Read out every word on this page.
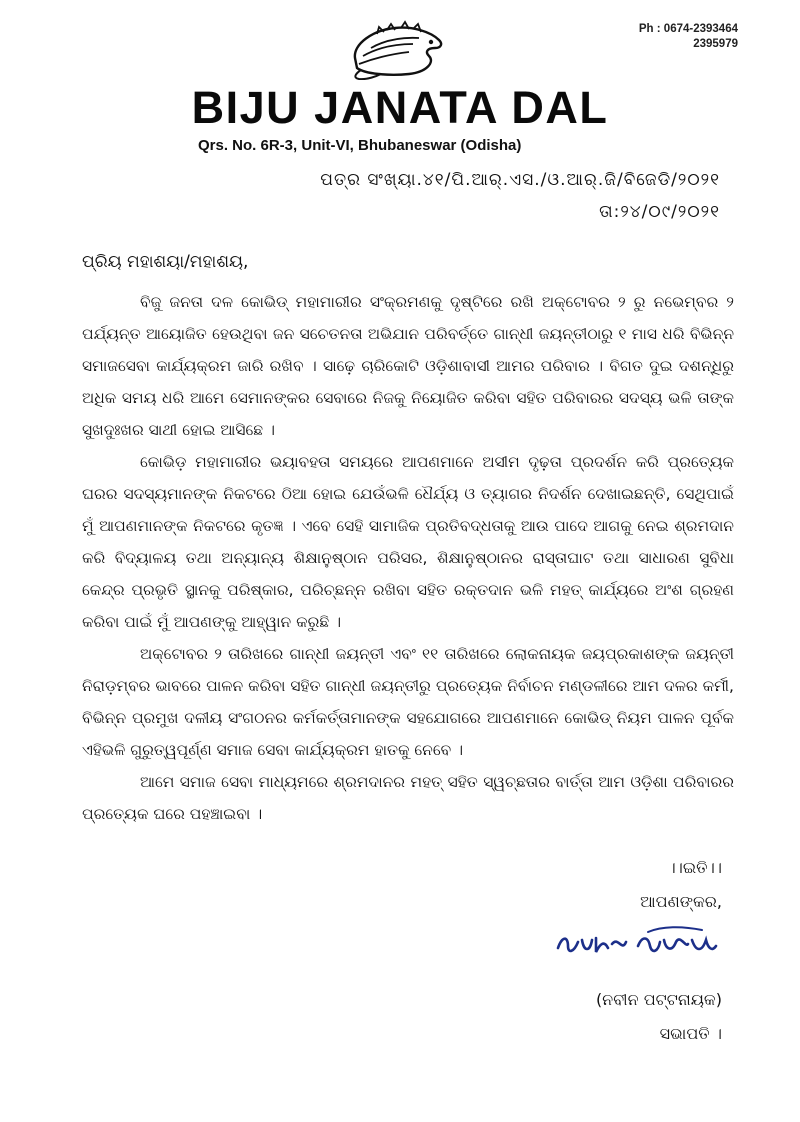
Ph : 0674-2393464
2395979
BIJU JANATA DAL
Qrs. No. 6R-3, Unit-VI, Bhubaneswar (Odisha)
ପତ୍ର ସଂଖ୍ୟା.୪୧/ପି.ଆର୍.ଏସ./ଓ.ଆର୍.ଜି/ବିଜେଡି/୨୦୨୧
ତା:୨୪/୦୯/୨୦୨୧
ପ୍ରିୟ ମହାଶୟା/ମହାଶୟ,

ବିଜୁ ଜନତା ଦଳ କୋଭିଡ୍ ମହାମାରୀର ସଂକ୍ରମଣକୁ ଦୃଷ୍ଟିରେ ରଖି ଅକ୍ଟୋବର ୨ ରୁ ନଭେମ୍ବର ୨ ପର୍ଯ୍ୟନ୍ତ ଆୟୋଜିତ ହେଉଥିବା ଜନ ସଚେତନତା ଅଭିଯାନ ପରିବର୍ତ୍ତେ ଗାନ୍ଧୀ ଜୟନ୍ତୀଠାରୁ ୧ ମାସ ଧରି ବିଭିନ୍ନ ସମାଜସେବା କାର୍ଯ୍ୟକ୍ରମ ଜାରି ରଖିବ । ସାଢ଼େ ଚାରିକୋଟି ଓଡ଼ିଶାବାସୀ ଆମର ପରିବାର । ବିଗତ ଦୁଇ ଦଶନ୍ଧିରୁ ଅଧିକ ସମୟ ଧରି ଆମେ ସେମାନଙ୍କର ସେବାରେ ନିଜକୁ ନିୟୋଜିତ କରିବା ସହିତ ପରିବାରର ସଦସ୍ୟ ଭଳି ତାଙ୍କ ସୁଖଦୁଃଖର ସାଥୀ ହୋଇ ଆସିଛେ ।

କୋଭିଡ଼ ମହାମାରୀର ଭୟାବହତା ସମୟରେ ଆପଣମାନେ ଅସୀମ ଦୃଢ଼ତା ପ୍ରଦର୍ଶନ କରି ପ୍ରତ୍ୟେକ ଘରର ସଦସ୍ୟମାନଙ୍କ ନିକଟରେ ଠିଆ ହୋଇ ଯେଉଁଭଳି ଧୈର୍ଯ୍ୟ ଓ ତ୍ୟାଗର ନିଦର୍ଶନ ଦେଖାଇଛନ୍ତି, ସେଥିପାଇଁ ମୁଁ ଆପଣମାନଙ୍କ ନିକଟରେ କୃତଜ୍ଞ । ଏବେ ସେହି ସାମାଜିକ ପ୍ରତିବଦ୍ଧତାକୁ ଆଉ ପାଦେ ଆଗକୁ ନେଇ ଶ୍ରମଦାନ କରି ବିଦ୍ୟାଳୟ ତଥା ଅନ୍ୟାନ୍ୟ ଶିକ୍ଷାନୁଷ୍ଠାନ ପରିସର, ଶିକ୍ଷାନୁଷ୍ଠାନର ରାସ୍ତାଘାଟ ତଥା ସାଧାରଣ ସୁବିଧା କେନ୍ଦ୍ର ପ୍ରଭୃତି ସ୍ଥାନକୁ ପରିଷ୍କାର, ପରିଚ୍ଛନ୍ନ ରଖିବା ସହିତ ରକ୍ତଦାନ ଭଳି ମହତ୍ କାର୍ଯ୍ୟରେ ଅଂଶ ଗ୍ରହଣ କରିବା ପାଇଁ ମୁଁ ଆପଣଙ୍କୁ ଆହ୍ୱାନ କରୁଛି ।

ଅକ୍ଟୋବର ୨ ତାରିଖରେ ଗାନ୍ଧୀ ଜୟନ୍ତୀ ଏବଂ ୧୧ ତାରିଖରେ ଲୋକନାୟକ ଜୟପ୍ରକାଶଙ୍କ ଜୟନ୍ତୀ ନିରାଡ଼ମ୍ବର ଭାବରେ ପାଳନ କରିବା ସହିତ ଗାନ୍ଧୀ ଜୟନ୍ତୀରୁ ପ୍ରତ୍ୟେକ ନିର୍ବାଚନ ମଣ୍ଡଳୀରେ ଆମ ଦଳର କର୍ମୀ, ବିଭିନ୍ନ ପ୍ରମୁଖ ଦଳୀୟ ସଂଗଠନର କର୍ମକର୍ତ୍ତାମାନଙ୍କ ସହଯୋଗରେ ଆପଣମାନେ କୋଭିଡ୍ ନିୟମ ପାଳନ ପୂର୍ବକ ଏହିଭଳି ଗୁରୁତ୍ୱପୂର୍ଣ୍ଣ ସମାଜ ସେବା କାର୍ଯ୍ୟକ୍ରମ ହାତକୁ ନେବେ ।

ଆମେ ସମାଜ ସେବା ମାଧ୍ୟମରେ ଶ୍ରମଦାନର ମହତ୍ ସହିତ ସ୍ୱଚ୍ଛତାର ବାର୍ତ୍ତା ଆମ ଓଡ଼ିଶା ପରିବାରର ପ୍ରତ୍ୟେକ ଘରେ ପହଞ୍ଚାଇବା ।

।।ଇତି।।
ଆପଣଙ୍କର,
(ନବୀନ ପଟ୍ଟନାୟକ)
ସଭାପତି ।
